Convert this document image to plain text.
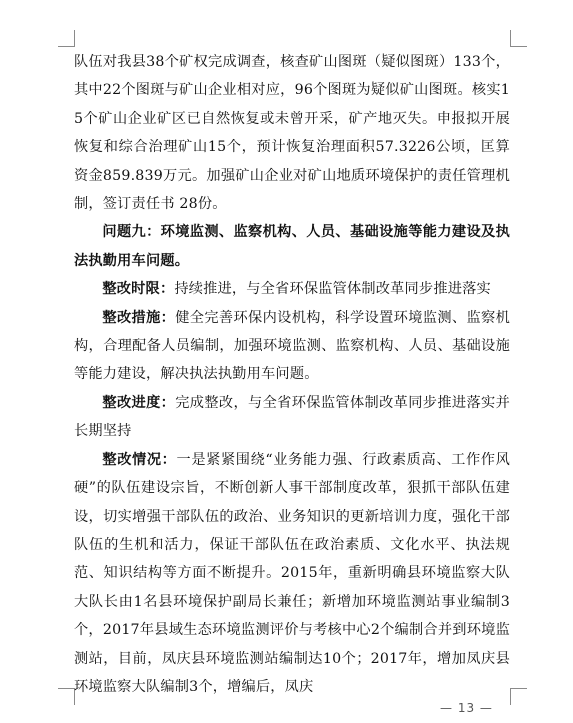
队伍对我县38个矿权完成调查，核查矿山图斑（疑似图斑）133个，其中22个图斑与矿山企业相对应，96个图斑为疑似矿山图斑。核实15个矿山企业矿区已自然恢复或未曾开采，矿产地灭失。申报拟开展恢复和综合治理矿山15个，预计恢复治理面积57.3226公顷，匡算资金859.839万元。加强矿山企业对矿山地质环境保护的责任管理机制，签订责任书 28份。

问题九：环境监测、监察机构、人员、基础设施等能力建设及执法执勤用车问题。

整改时限：持续推进，与全省环保监管体制改革同步推进落实

整改措施：健全完善环保内设机构，科学设置环境监测、监察机构，合理配备人员编制，加强环境监测、监察机构、人员、基础设施等能力建设，解决执法执勤用车问题。

整改进度：完成整改，与全省环保监管体制改革同步推进落实并长期坚持

整改情况：一是紧紧围绕“业务能力强、行政素质高、工作作风硬”的队伍建设宗旨，不断创新人事干部制度改革，狠抓干部队伍建设，切实增强干部队伍的政治、业务知识的更新培训力度，强化干部队伍的生机和活力，保证干部队伍在政治素质、文化水平、执法规范、知识结构等方面不断提升。2015年，重新明确县环境监察大队大队长由1名县环境保护副局长兼任；新增加环境监测站事业编制3个，2017年县域生态环境监测评价与考核中心2个编制合并到环境监测站，目前，凤庆县环境监测站编制达10个；2017年，增加凤庆县环境监察大队编制3个，增编后，凤庆

— 13 —
